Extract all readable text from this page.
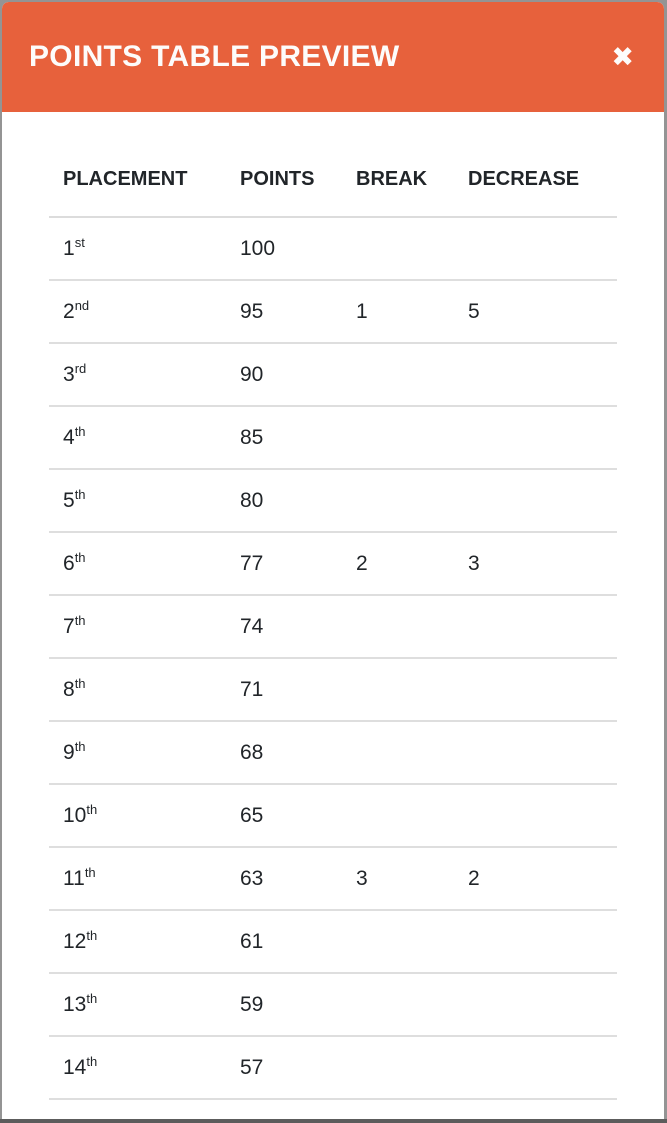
POINTS TABLE PREVIEW	✖
PLACEMENT	POINTS	BREAK	DECREASE
1st	100		
2nd	95	1	5
3rd	90		
4th	85		
5th	80		
6th	77	2	3
7th	74		
8th	71		
9th	68		
10th	65		
11th	63	3	2
12th	61		
13th	59		
14th	57		
